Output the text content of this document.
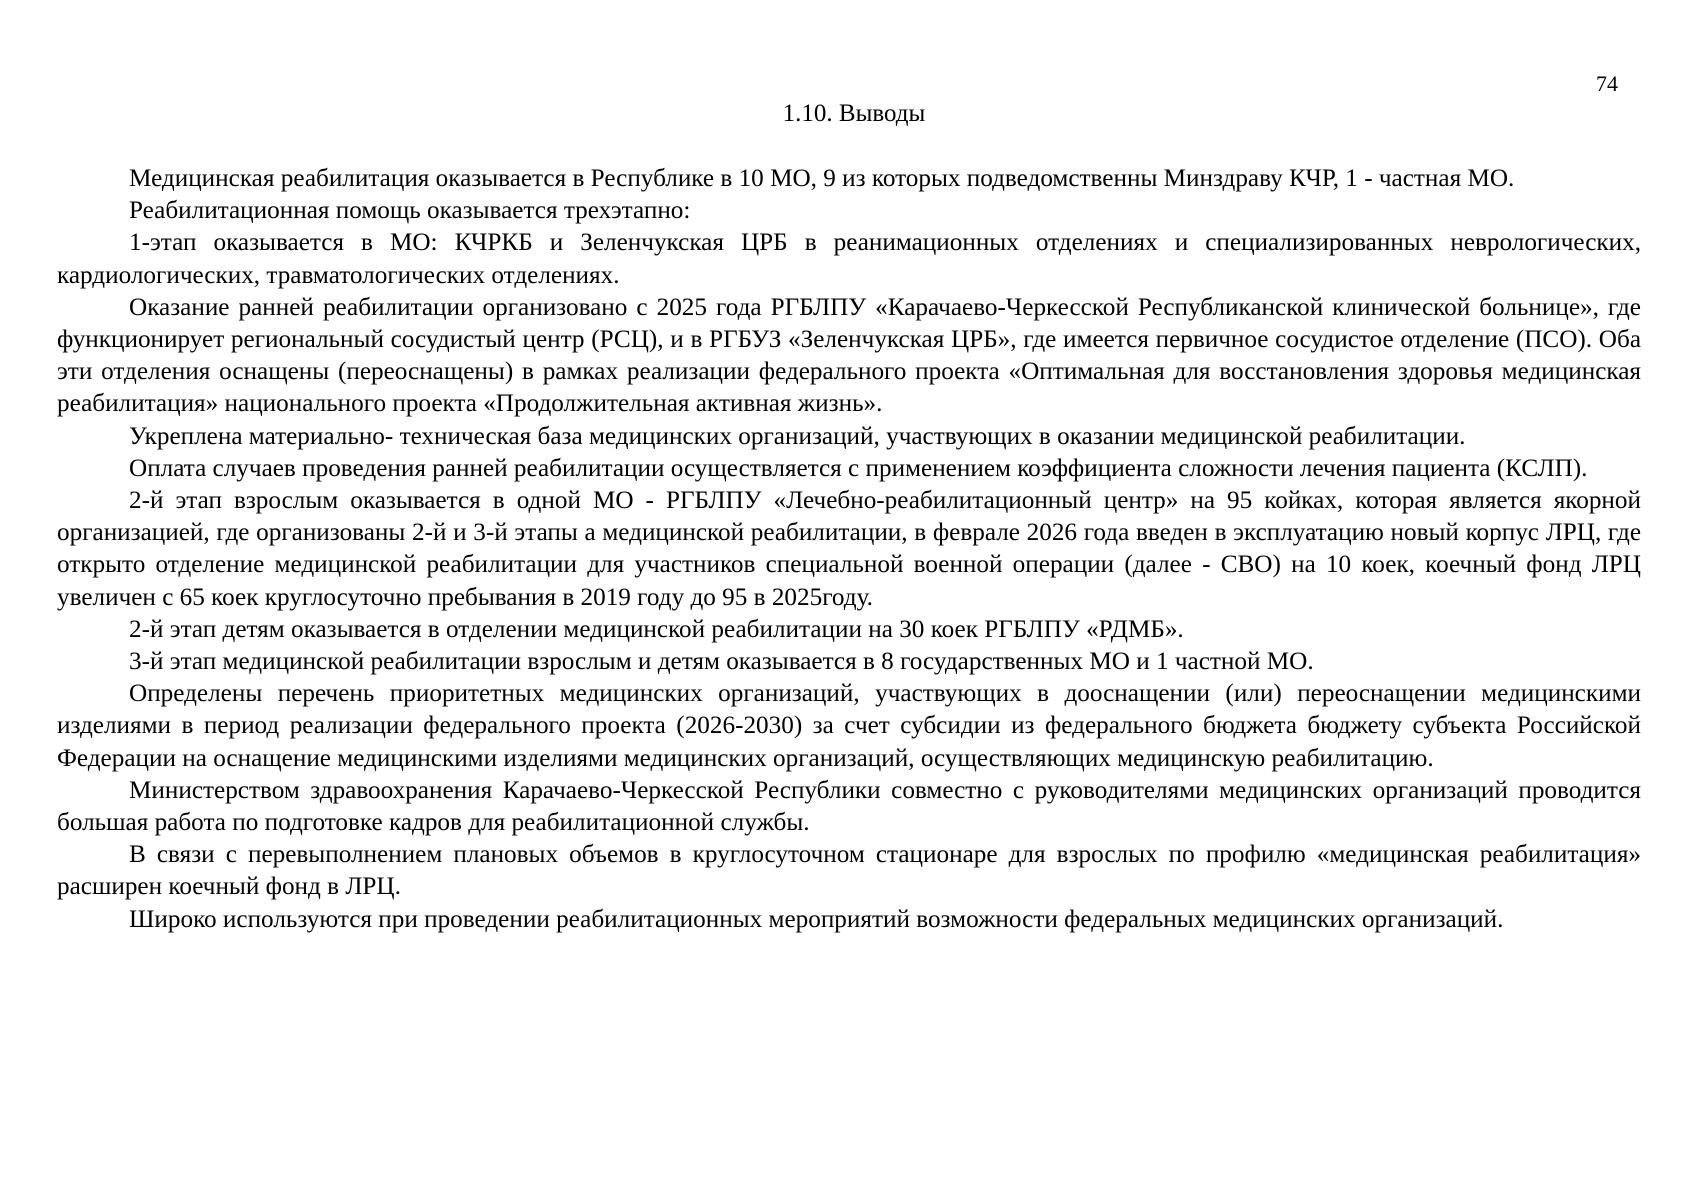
74
1.10. Выводы

Медицинская реабилитация оказывается в Республике в 10 МО, 9 из которых подведомственны Минздраву КЧР, 1 - частная МО.

Реабилитационная помощь оказывается трехэтапно:

1-этап оказывается в МО: КЧРКБ и Зеленчукская ЦРБ в реанимационных отделениях и специализированных неврологических, кардиологических, травматологических отделениях.

Оказание ранней реабилитации организовано с 2025 года РГБЛПУ «Карачаево-Черкесской Республиканской клинической больнице», где функционирует региональный сосудистый центр (РСЦ), и в РГБУЗ «Зеленчукская ЦРБ», где имеется первичное сосудистое отделение (ПСО). Оба эти отделения оснащены (переоснащены) в рамках реализации федерального проекта «Оптимальная для восстановления здоровья медицинская реабилитация» национального проекта «Продолжительная активная жизнь».

Укреплена материально- техническая база медицинских организаций, участвующих в оказании медицинской реабилитации.

Оплата случаев проведения ранней реабилитации осуществляется с применением коэффициента сложности лечения пациента (КСЛП).

2-й этап взрослым оказывается в одной МО - РГБЛПУ «Лечебно-реабилитационный центр» на 95 койках, которая является якорной организацией, где организованы 2-й и 3-й этапы а медицинской реабилитации, в феврале 2026 года введен в эксплуатацию новый корпус ЛРЦ, где открыто отделение медицинской реабилитации для участников специальной военной операции (далее - СВО) на 10 коек, коечный фонд ЛРЦ увеличен с 65 коек круглосуточно пребывания в 2019 году до 95 в 2025году.

2-й этап детям оказывается в отделении медицинской реабилитации на 30 коек РГБЛПУ «РДМБ».

3-й этап медицинской реабилитации взрослым и детям оказывается в 8 государственных МО и 1 частной МО.

Определены перечень приоритетных медицинских организаций, участвующих в дооснащении (или) переоснащении медицинскими изделиями в период реализации федерального проекта (2026-2030) за счет субсидии из федерального бюджета бюджету субъекта Российской Федерации на оснащение медицинскими изделиями медицинских организаций, осуществляющих медицинскую реабилитацию.

Министерством здравоохранения Карачаево-Черкесской Республики совместно с руководителями медицинских организаций проводится большая работа по подготовке кадров для реабилитационной службы.

В связи с перевыполнением плановых объемов в круглосуточном стационаре для взрослых по профилю «медицинская реабилитация» расширен коечный фонд в ЛРЦ.

Широко используются при проведении реабилитационных мероприятий возможности федеральных медицинских организаций.
